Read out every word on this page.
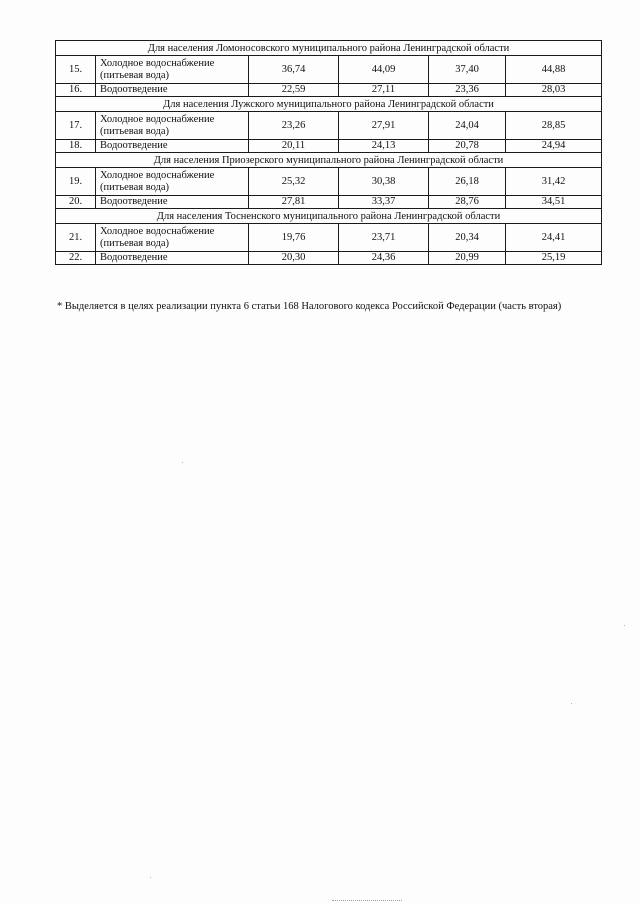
Для населения Ломоносовского муниципального района Ленинградской области					
15.	Холодное водоснабжение (питьевая вода)	36,74	44,09	37,40	44,88
16.	Водоотведение	22,59	27,11	23,36	28,03
Для населения Лужского муниципального района Ленинградской области					
17.	Холодное водоснабжение (питьевая вода)	23,26	27,91	24,04	28,85
18.	Водоотведение	20,11	24,13	20,78	24,94
Для населения Приозерского муниципального района Ленинградской области					
19.	Холодное водоснабжение (питьевая вода)	25,32	30,38	26,18	31,42
20.	Водоотведение	27,81	33,37	28,76	34,51
Для населения Тосненского муниципального района Ленинградской области					
21.	Холодное водоснабжение (питьевая вода)	19,76	23,71	20,34	24,41
22.	Водоотведение	20,30	24,36	20,99	25,19
* Выделяется в целях реализации пункта 6 статьи 168 Налогового кодекса Российской Федерации (часть вторая)
